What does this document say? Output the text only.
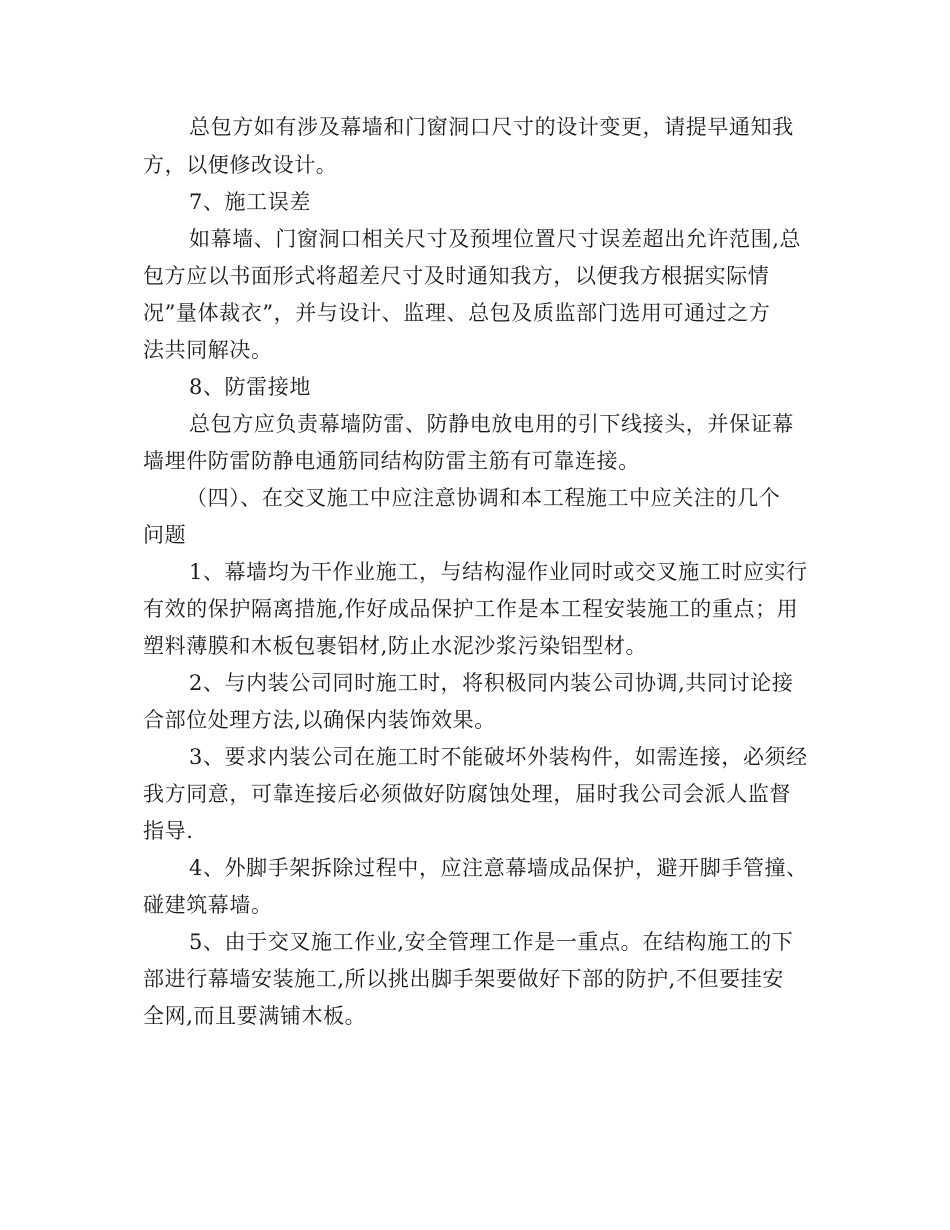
总包方如有涉及幕墙和门窗洞口尺寸的设计变更，请提早通知我
方，以便修改设计。
7、施工误差
如幕墙、门窗洞口相关尺寸及预埋位置尺寸误差超出允许范围,总
包方应以书面形式将超差尺寸及时通知我方，以便我方根据实际情
况”量体裁衣”，并与设计、监理、总包及质监部门选用可通过之方
法共同解决。
8、防雷接地
总包方应负责幕墙防雷、防静电放电用的引下线接头，并保证幕
墙埋件防雷防静电通筋同结构防雷主筋有可靠连接。
（四）、在交叉施工中应注意协调和本工程施工中应关注的几个
问题
1、幕墙均为干作业施工，与结构湿作业同时或交叉施工时应实行
有效的保护隔离措施,作好成品保护工作是本工程安装施工的重点；用
塑料薄膜和木板包裹铝材,防止水泥沙浆污染铝型材。
2、与内装公司同时施工时，将积极同内装公司协调,共同讨论接
合部位处理方法,以确保内装饰效果。
3、要求内装公司在施工时不能破坏外装构件，如需连接，必须经
我方同意，可靠连接后必须做好防腐蚀处理，届时我公司会派人监督
指导.
4、外脚手架拆除过程中，应注意幕墙成品保护，避开脚手管撞、
碰建筑幕墙。
5、由于交叉施工作业,安全管理工作是一重点。在结构施工的下
部进行幕墙安装施工,所以挑出脚手架要做好下部的防护,不但要挂安
全网,而且要满铺木板。
